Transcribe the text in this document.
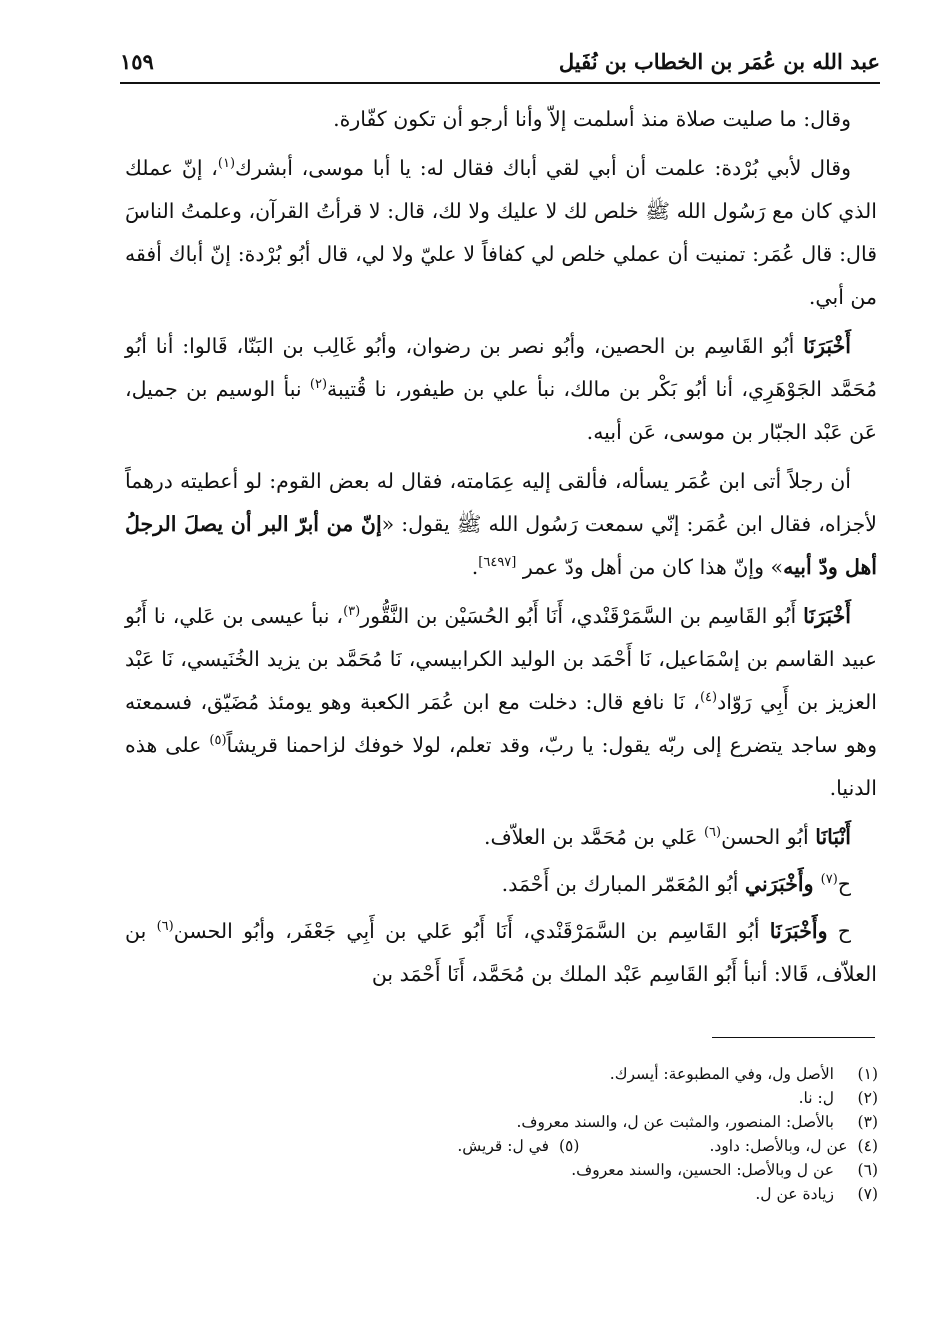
عبد الله بن عُمَر بن الخطاب بن نُفَيل
١٥٩

وقال: ما صليت صلاة منذ أسلمت إلاّ وأنا أرجو أن تكون كفّارة.

وقال لأبي بُرْدة: علمت أن أبي لقي أباك فقال له: يا أبا موسى، أبشرك$^{(١)}$، إنّ عملك الذي كان مع رَسُول الله ﷺ خلص لك لا عليك ولا لك، قال: لا قرأتُ القرآن، وعلمتُ الناسَ قال: قال عُمَر: تمنيت أن عملي خلص لي كفافاً لا عليّ ولا لي، قال أبُو بُرْدة: إنّ أباك أفقه من أبي.

أَخْبَرَنَا أبُو القَاسِم بن الحصين، وأبُو نصر بن رضوان، وأبُو غَالِب بن البَنّا، قَالوا: أنا أبُو مُحَمَّد الجَوْهَرِي، أنا أبُو بَكْر بن مالك، نبأ علي بن طيفور، نا قُتيبة$^{(٢)}$ نبأ الوسيم بن جميل، عَن عَبْد الجبّار بن موسى، عَن أبيه.

أن رجلاً أتى ابن عُمَر يسأله، فألقى إليه عِمَامته، فقال له بعض القوم: لو أعطيته درهماً لأجزاه، فقال ابن عُمَر: إنّي سمعت رَسُول الله ﷺ يقول: «إنّ من أبرّ البر أن يصلَ الرجلُ أهل ودّ أبيه» وإنّ هذا كان من أهل ودّ عمر [٦٤٩٧].

أَخْبَرَنَا أَبُو القَاسِم بن السَّمَرْقَنْدي، أَنَا أَبُو الحُسَيْن بن النَّقُّور$^{(٣)}$، نبأ عيسى بن عَلي، نا أَبُو عبيد القاسم بن إسْمَاعيل، نَا أَحْمَد بن الوليد الكرابيسي، نَا مُحَمَّد بن يزيد الخُنَيسي، نَا عَبْد العزيز بن أَبِي رَوّاد$^{(٤)}$، نَا نافع قال: دخلت مع ابن عُمَر الكعبة وهو يومئذ مُضَيّق، فسمعته وهو ساجد يتضرع إلى ربّه يقول: يا ربّ، وقد تعلم، لولا خوفك لزاحمنا قريشاً$^{(٥)}$ على هذه الدنيا.

أَنْبَانَا أبُو الحسن$^{(٦)}$ عَلي بن مُحَمَّد بن العلاّف.

ح$^{(٧)}$ وأَخْبَرَني أبُو المُعَمّر المبارك بن أَحْمَد.

ح وأَخْبَرَنَا أبُو القَاسِم بن السَّمَرْقَنْدي، أَنَا أَبُو عَلي بن أَبِي جَعْفَر، وأبُو الحسن$^{(٦)}$ بن العلاّف، قَالا: أنبأ أَبُو القَاسِم عَبْد الملك بن مُحَمَّد، أَنَا أَحْمَد بن

(١)
الأصل ول، وفي المطبوعة: أيسرك.
(٢)
ل: نا.
(٣)
بالأصل: المنصور، والمثبت عن ل، والسند معروف.
(٤)
عن ل، وبالأصل: داود.
(٥)
في ل: قريش.
(٦)
عن ل وبالأصل: الحسين، والسند معروف.
(٧)
زيادة عن ل.
